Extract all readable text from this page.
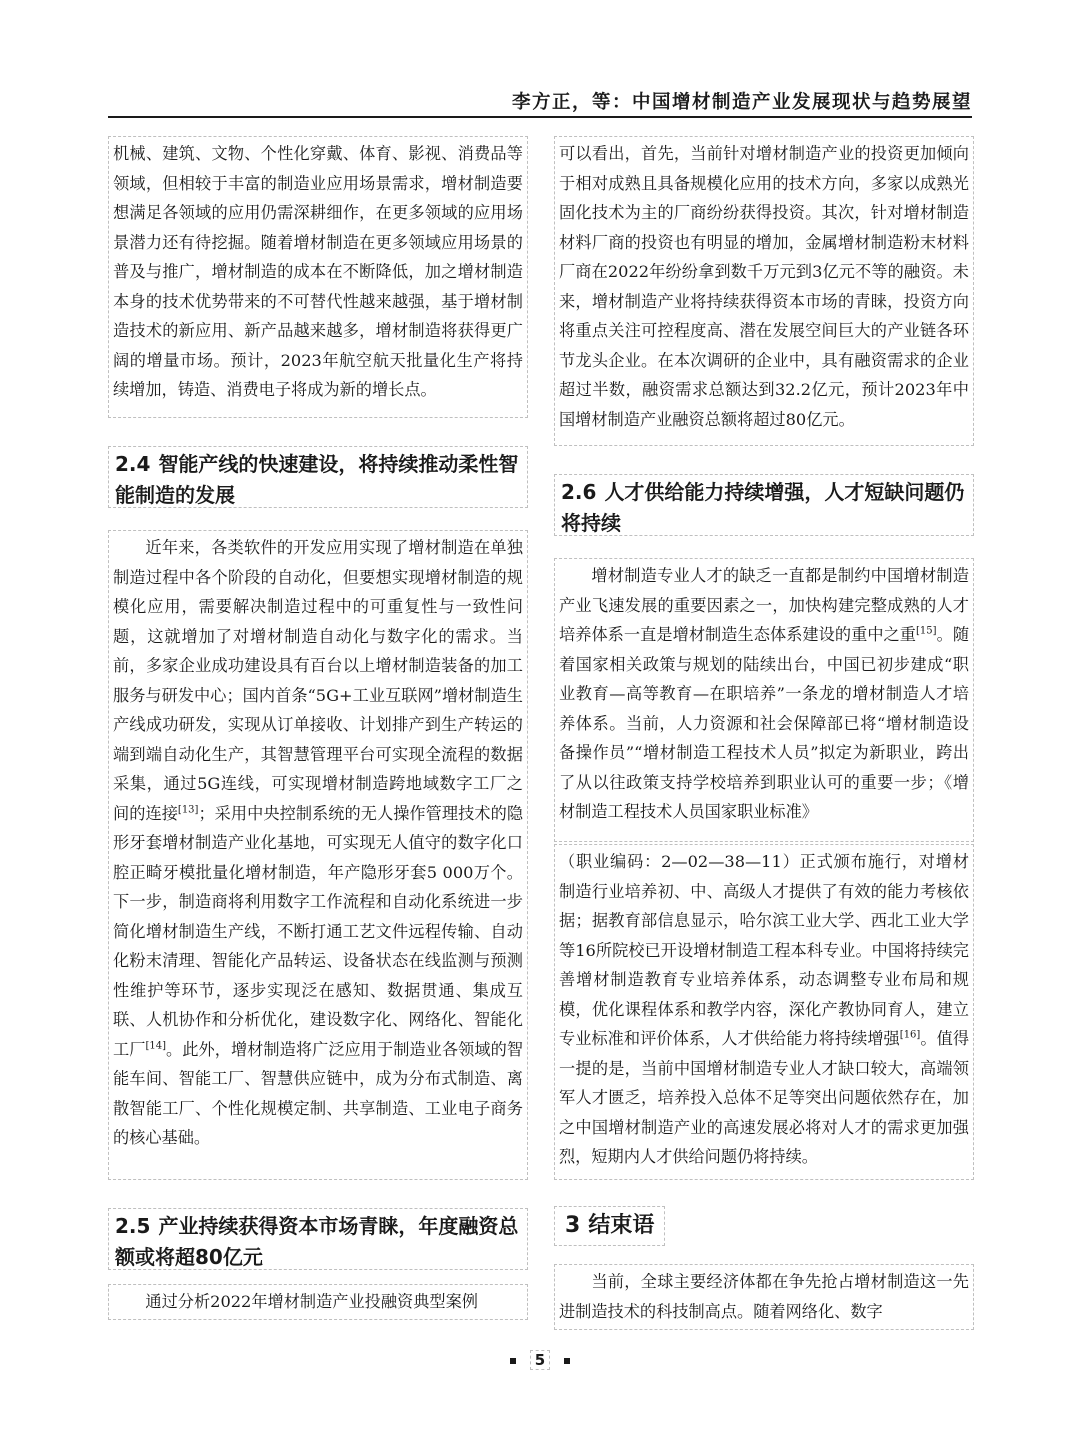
李方正，等：中国增材制造产业发展现状与趋势展望

机械、建筑、文物、个性化穿戴、体育、影视、消费品等领域，但相较于丰富的制造业应用场景需求，增材制造要想满足各领域的应用仍需深耕细作，在更多领域的应用场景潜力还有待挖掘。随着增材制造在更多领域应用场景的普及与推广，增材制造的成本在不断降低，加之增材制造本身的技术优势带来的不可替代性越来越强，基于增材制造技术的新应用、新产品越来越多，增材制造将获得更广阔的增量市场。预计，2023年航空航天批量化生产将持续增加，铸造、消费电子将成为新的增长点。

2.4 智能产线的快速建设，将持续推动柔性智能制造的发展

近年来，各类软件的开发应用实现了增材制造在单独制造过程中各个阶段的自动化，但要想实现增材制造的规模化应用，需要解决制造过程中的可重复性与一致性问题，这就增加了对增材制造自动化与数字化的需求。当前，多家企业成功建设具有百台以上增材制造装备的加工服务与研发中心；国内首条“5G+工业互联网”增材制造生产线成功研发，实现从订单接收、计划排产到生产转运的端到端自动化生产，其智慧管理平台可实现全流程的数据采集，通过5G连线，可实现增材制造跨地域数字工厂之间的连接[13]；采用中央控制系统的无人操作管理技术的隐形牙套增材制造产业化基地，可实现无人值守的数字化口腔正畸牙模批量化增材制造，年产隐形牙套5 000万个。下一步，制造商将利用数字工作流程和自动化系统进一步简化增材制造生产线，不断打通工艺文件远程传输、自动化粉末清理、智能化产品转运、设备状态在线监测与预测性维护等环节，逐步实现泛在感知、数据贯通、集成互联、人机协作和分析优化，建设数字化、网络化、智能化工厂[14]。此外，增材制造将广泛应用于制造业各领域的智能车间、智能工厂、智慧供应链中，成为分布式制造、离散智能工厂、个性化规模定制、共享制造、工业电子商务的核心基础。

2.5 产业持续获得资本市场青睐，年度融资总额或将超80亿元

通过分析2022年增材制造产业投融资典型案例

可以看出，首先，当前针对增材制造产业的投资更加倾向于相对成熟且具备规模化应用的技术方向，多家以成熟光固化技术为主的厂商纷纷获得投资。其次，针对增材制造材料厂商的投资也有明显的增加，金属增材制造粉末材料厂商在2022年纷纷拿到数千万元到3亿元不等的融资。未来，增材制造产业将持续获得资本市场的青睐，投资方向将重点关注可控程度高、潜在发展空间巨大的产业链各环节龙头企业。在本次调研的企业中，具有融资需求的企业超过半数，融资需求总额达到32.2亿元，预计2023年中国增材制造产业融资总额将超过80亿元。

2.6 人才供给能力持续增强，人才短缺问题仍将持续

增材制造专业人才的缺乏一直都是制约中国增材制造产业飞速发展的重要因素之一，加快构建完整成熟的人才培养体系一直是增材制造生态体系建设的重中之重[15]。随着国家相关政策与规划的陆续出台，中国已初步建成“职业教育—高等教育—在职培养”一条龙的增材制造人才培养体系。当前，人力资源和社会保障部已将“增材制造设备操作员”“增材制造工程技术人员”拟定为新职业，跨出了从以往政策支持学校培养到职业认可的重要一步；《增材制造工程技术人员国家职业标准》

（职业编码：2—02—38—11）正式颁布施行，对增材制造行业培养初、中、高级人才提供了有效的能力考核依据；据教育部信息显示，哈尔滨工业大学、西北工业大学等16所院校已开设增材制造工程本科专业。中国将持续完善增材制造教育专业培养体系，动态调整专业布局和规模，优化课程体系和教学内容，深化产教协同育人，建立专业标准和评价体系，人才供给能力将持续增强[16]。值得一提的是，当前中国增材制造专业人才缺口较大，高端领军人才匮乏，培养投入总体不足等突出问题依然存在，加之中国增材制造产业的高速发展必将对人才的需求更加强烈，短期内人才供给问题仍将持续。

3 结束语

当前，全球主要经济体都在争先抢占增材制造这一先进制造技术的科技制高点。随着网络化、数字

5
